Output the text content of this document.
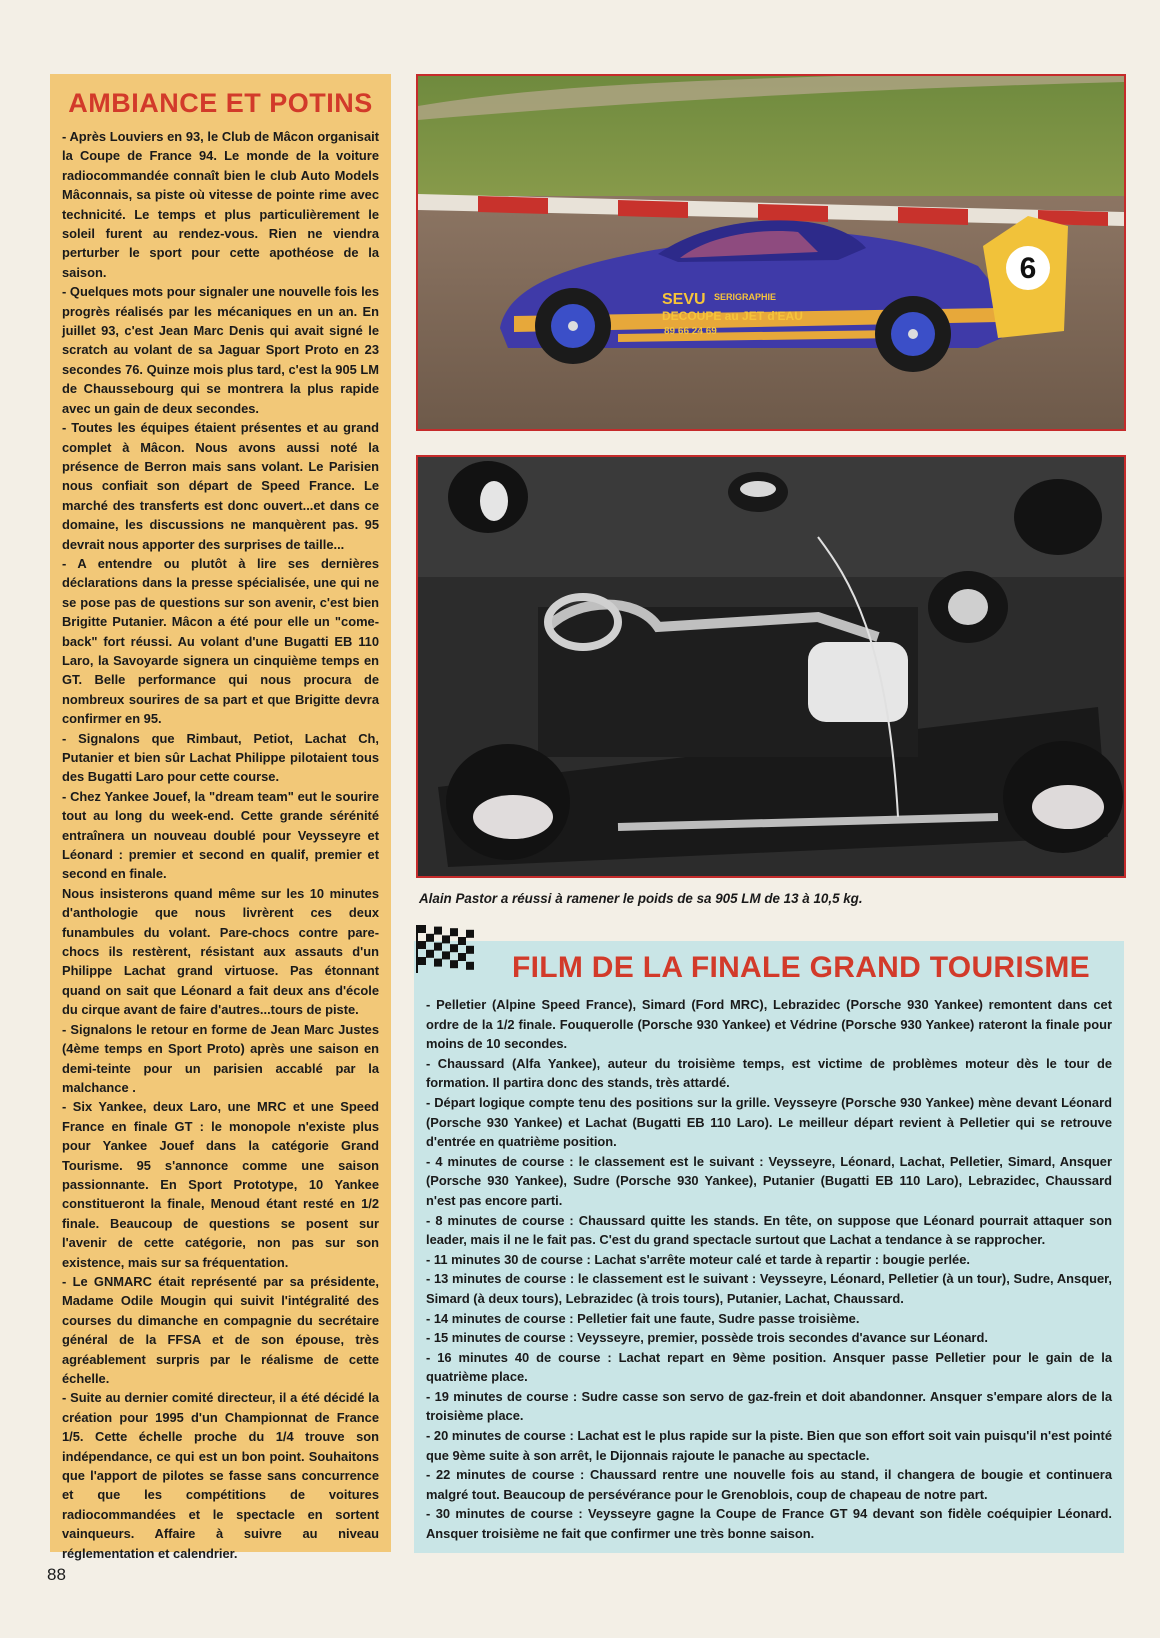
AMBIANCE ET POTINS

- Après Louviers en 93, le Club de Mâcon organisait la Coupe de France 94. Le monde de la voiture radiocommandée connaît bien le club Auto Models Mâconnais, sa piste où vitesse de pointe rime avec technicité. Le temps et plus particulièrement le soleil furent au rendez-vous. Rien ne viendra perturber le sport pour cette apothéose de la saison.

- Quelques mots pour signaler une nouvelle fois les progrès réalisés par les mécaniques en un an. En juillet 93, c'est Jean Marc Denis qui avait signé le scratch au volant de sa Jaguar Sport Proto en 23 secondes 76. Quinze mois plus tard, c'est la 905 LM de Chaussebourg qui se montrera la plus rapide avec un gain de deux secondes.

- Toutes les équipes étaient présentes et au grand complet à Mâcon. Nous avons aussi noté la présence de Berron mais sans volant. Le Parisien nous confiait son départ de Speed France. Le marché des transferts est donc ouvert...et dans ce domaine, les discussions ne manquèrent pas. 95 devrait nous apporter des surprises de taille...

- A entendre ou plutôt à lire ses dernières déclarations dans la presse spécialisée, une qui ne se pose pas de questions sur son avenir, c'est bien Brigitte Putanier. Mâcon a été pour elle un "come-back" fort réussi. Au volant d'une Bugatti EB 110 Laro, la Savoyarde signera un cinquième temps en GT. Belle performance qui nous procura de nombreux sourires de sa part et que Brigitte devra confirmer en 95.

- Signalons que Rimbaut, Petiot, Lachat Ch, Putanier et bien sûr Lachat Philippe pilotaient tous des Bugatti Laro pour cette course.

- Chez Yankee Jouef, la "dream team" eut le sourire tout au long du week-end. Cette grande sérénité entraînera un nouveau doublé pour Veysseyre et Léonard : premier et second en qualif, premier et second en finale.

Nous insisterons quand même sur les 10 minutes d'anthologie que nous livrèrent ces deux funambules du volant. Pare-chocs contre pare-chocs ils restèrent, résistant aux assauts d'un Philippe Lachat grand virtuose. Pas étonnant quand on sait que Léonard a fait deux ans d'école du cirque avant de faire d'autres...tours de piste.

- Signalons le retour en forme de Jean Marc Justes (4ème temps en Sport Proto) après une saison en demi-teinte pour un parisien accablé par la malchance .

- Six Yankee, deux Laro, une MRC et une Speed France en finale GT : le monopole n'existe plus pour Yankee Jouef dans la catégorie Grand Tourisme. 95 s'annonce comme une saison passionnante. En Sport Prototype, 10 Yankee constitueront la finale, Menoud étant resté en 1/2 finale. Beaucoup de questions se posent sur l'avenir de cette catégorie, non pas sur son existence, mais sur sa fréquentation.

- Le GNMARC était représenté par sa présidente, Madame Odile Mougin qui suivit l'intégralité des courses du dimanche en compagnie du secrétaire général de la FFSA et de son épouse, très agréablement surpris par le réalisme de cette échelle.

- Suite au dernier comité directeur, il a été décidé la création pour 1995 d'un Championnat de France 1/5. Cette échelle proche du 1/4 trouve son indépendance, ce qui est un bon point. Souhaitons que l'apport de pilotes se fasse sans concurrence et que les compétitions de voitures radiocommandées et le spectacle en sortent vainqueurs. Affaire à suivre au niveau réglementation et calendrier.

6
SEVU SERIGRAPHIE
DECOUPE au JET d'EAU
89 66 24 69
Alain Pastor a réussi à ramener le poids de sa 905 LM de 13 à 10,5 kg.
FILM DE LA FINALE GRAND TOURISME

- Pelletier (Alpine Speed France), Simard (Ford MRC), Lebrazidec (Porsche 930 Yankee) remontent dans cet ordre de la 1/2 finale. Fouquerolle (Porsche 930 Yankee) et Védrine (Porsche 930 Yankee) rateront la finale pour moins de 10 secondes.

- Chaussard (Alfa Yankee), auteur du troisième temps, est victime de problèmes moteur dès le tour de formation. Il partira donc des stands, très attardé.

- Départ logique compte tenu des positions sur la grille. Veysseyre (Porsche 930 Yankee) mène devant Léonard (Porsche 930 Yankee) et Lachat (Bugatti EB 110 Laro). Le meilleur départ revient à Pelletier qui se retrouve d'entrée en quatrième position.

- 4 minutes de course : le classement est le suivant : Veysseyre, Léonard, Lachat, Pelletier, Simard, Ansquer (Porsche 930 Yankee), Sudre (Porsche 930 Yankee), Putanier (Bugatti EB 110 Laro), Lebrazidec, Chaussard n'est pas encore parti.

- 8 minutes de course : Chaussard quitte les stands. En tête, on suppose que Léonard pourrait attaquer son leader, mais il ne le fait pas. C'est du grand spectacle surtout que Lachat a tendance à se rapprocher.

- 11 minutes 30 de course : Lachat s'arrête moteur calé et tarde à repartir : bougie perlée.

- 13 minutes de course : le classement est le suivant : Veysseyre, Léonard, Pelletier (à un tour), Sudre, Ansquer, Simard (à deux tours), Lebrazidec (à trois tours), Putanier, Lachat, Chaussard.

- 14 minutes de course : Pelletier fait une faute, Sudre passe troisième.

- 15 minutes de course : Veysseyre, premier, possède trois secondes d'avance sur Léonard.

- 16 minutes 40 de course : Lachat repart en 9ème position. Ansquer passe Pelletier pour le gain de la quatrième place.

- 19 minutes de course : Sudre casse son servo de gaz-frein et doit abandonner. Ansquer s'empare alors de la troisième place.

- 20 minutes de course : Lachat est le plus rapide sur la piste. Bien que son effort soit vain puisqu'il n'est pointé que 9ème suite à son arrêt, le Dijonnais rajoute le panache au spectacle.

- 22 minutes de course : Chaussard rentre une nouvelle fois au stand, il changera de bougie et continuera malgré tout. Beaucoup de persévérance pour le Grenoblois, coup de chapeau de notre part.

- 30 minutes de course : Veysseyre gagne la Coupe de France GT 94 devant son fidèle coéquipier Léonard. Ansquer troisième ne fait que confirmer une très bonne saison.

88
